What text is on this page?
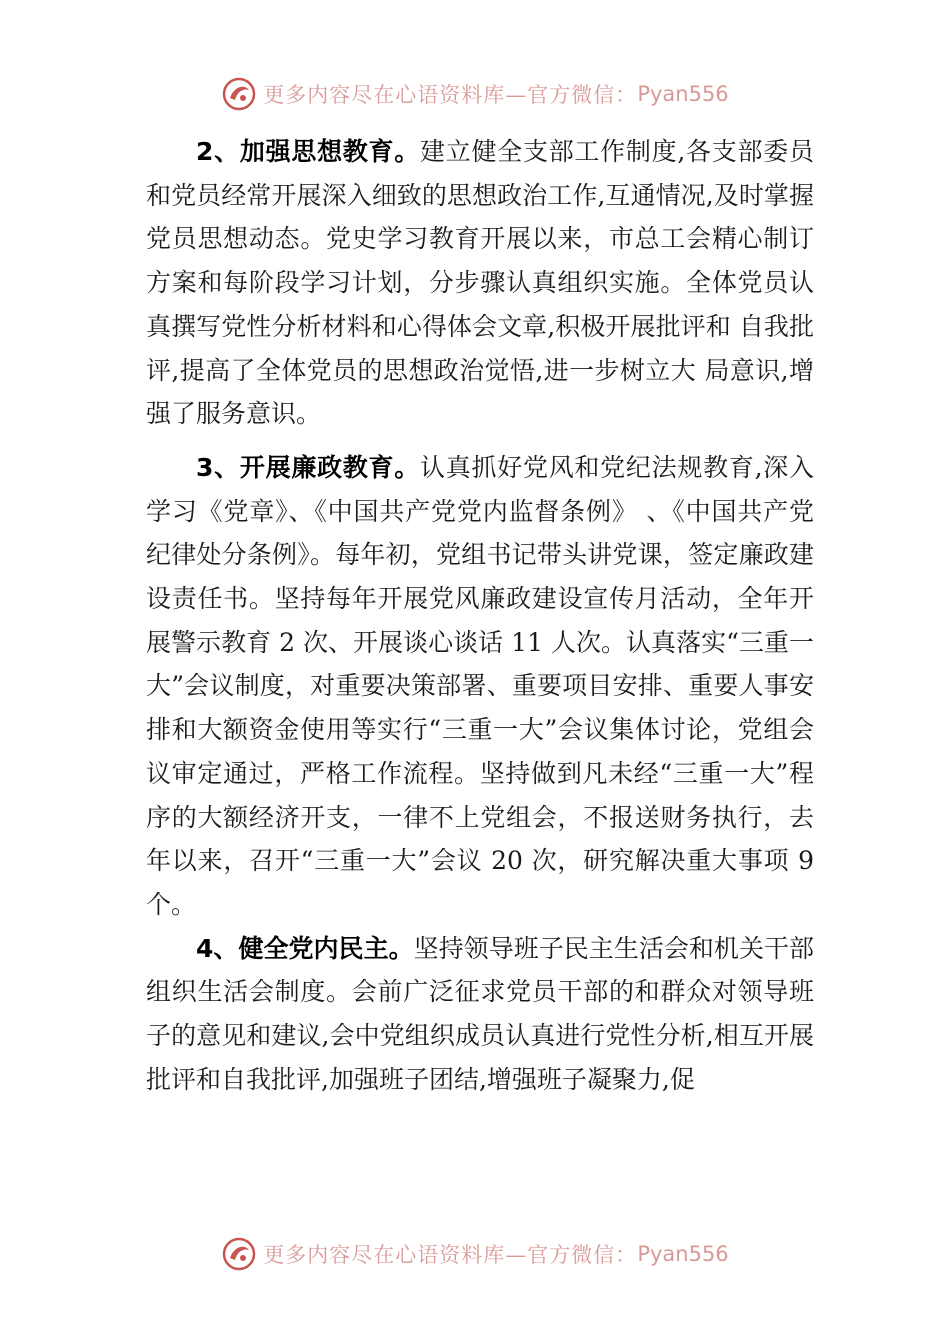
更多内容尽在心语资料库—官方微信： Pyan556

2、加强思想教育。建立健全支部工作制度,各支部委员和党员经常开展深入细致的思想政治工作,互通情况,及时掌握党员思想动态。党史学习教育开展以来，市总工会精心制订方案和每阶段学习计划，分步骤认真组织实施。全体党员认真撰写党性分析材料和心得体会文章,积极开展批评和 自我批评,提高了全体党员的思想政治觉悟,进一步树立大 局意识,增强了服务意识。

3、开展廉政教育。认真抓好党风和党纪法规教育,深入学习《党章》、《中国共产党党内监督条例》 、《中国共产党纪律处分条例》。每年初，党组书记带头讲党课，签定廉政建设责任书。坚持每年开展党风廉政建设宣传月活动，全年开展警示教育 2 次、开展谈心谈话 11 人次。认真落实“三重一大”会议制度，对重要决策部署、重要项目安排、重要人事安排和大额资金使用等实行“三重一大”会议集体讨论，党组会议审定通过，严格工作流程。坚持做到凡未经“三重一大”程序的大额经济开支，一律不上党组会，不报送财务执行，去年以来，召开“三重一大”会议 20 次，研究解决重大事项 9 个。

4、健全党内民主。坚持领导班子民主生活会和机关干部组织生活会制度。会前广泛征求党员干部的和群众对领导班子的意见和建议,会中党组织成员认真进行党性分析,相互开展批评和自我批评,加强班子团结,增强班子凝聚力,促

更多内容尽在心语资料库—官方微信： Pyan556
